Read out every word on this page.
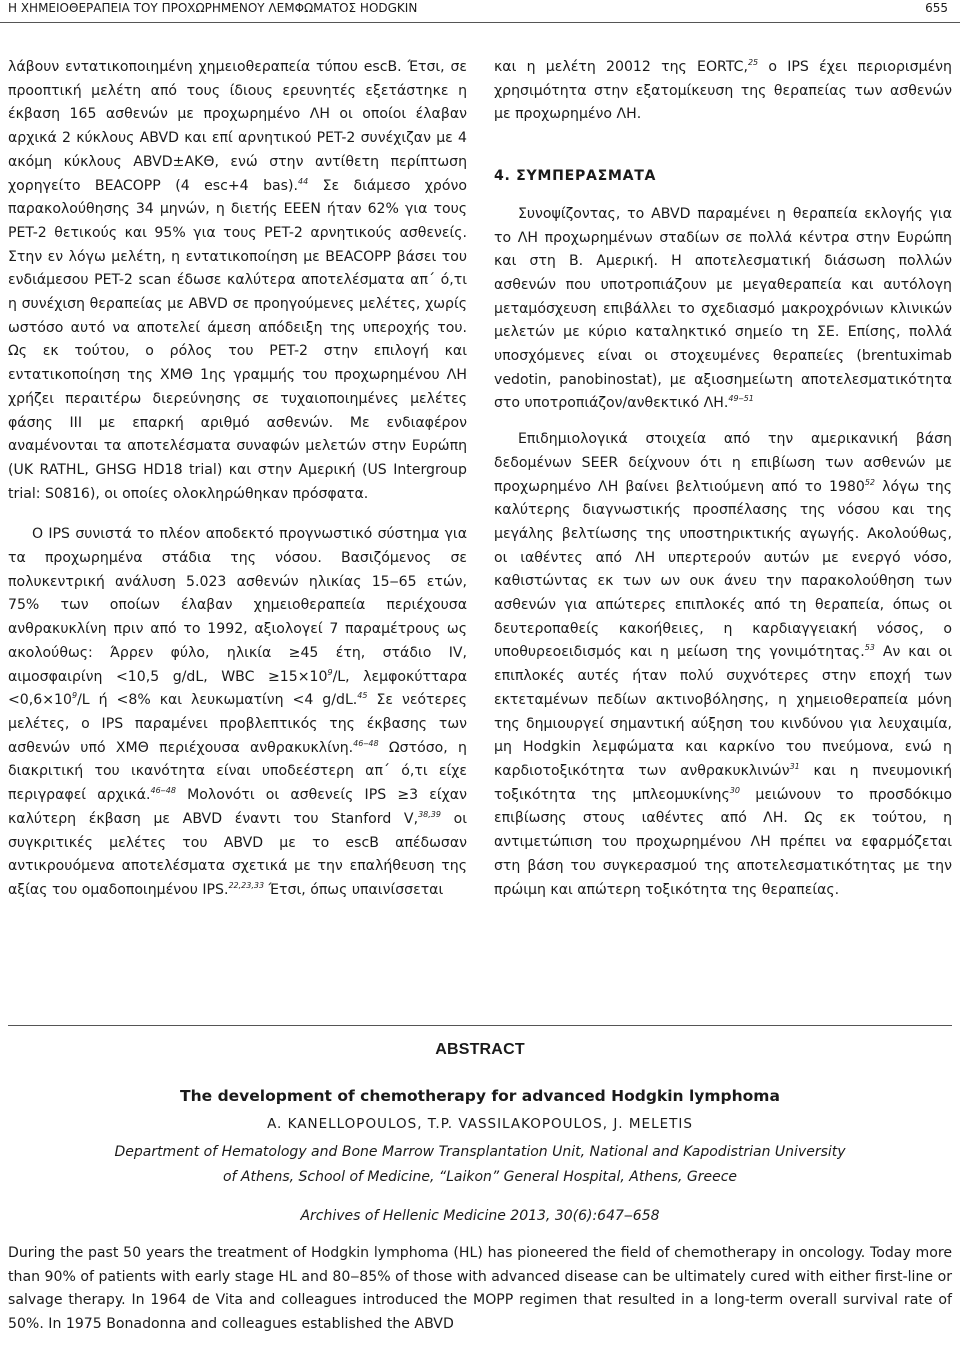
Η ΧΗΜΕΙΟΘΕΡΑΠΕΙΑ ΤΟΥ ΠΡΟΧΩΡΗΜΕΝΟΥ ΛΕΜΦΩΜΑΤΟΣ HODGKIN	655

λάβουν εντατικοποιημένη χημειοθεραπεία τύπου escB. Έτσι, σε προοπτική μελέτη από τους ίδιους ερευνητές εξετάστηκε η έκβαση 165 ασθενών με προχωρημένο ΛΗ οι οποίοι έλαβαν αρχικά 2 κύκλους ABVD και επί αρνητικού PET-2 συνέχιζαν με 4 ακόμη κύκλους ABVD±ΑΚΘ, ενώ στην αντίθετη περίπτωση χορηγείτο BEACOPP (4 esc+4 bas).$^{44}$ Σε διάμεσο χρόνο παρακολούθησης 34 μηνών, η διετής ΕΕΕΝ ήταν 62% για τους PET-2 θετικούς και 95% για τους PET-2 αρνητικούς ασθενείς. Στην εν λόγω μελέτη, η εντατικοποίηση με BEACOPP βάσει του ενδιάμεσου PET-2 scan έδωσε καλύτερα αποτελέσματα απ΄ ό,τι η συνέχιση θεραπείας με ABVD σε προηγούμενες μελέτες, χωρίς ωστόσο αυτό να αποτελεί άμεση απόδειξη της υπεροχής του. Ως εκ τούτου, ο ρόλος του PET-2 στην επιλογή και εντατικοποίηση της ΧΜΘ 1ης γραμμής του προχωρημένου ΛΗ χρήζει περαιτέρω διερεύνησης σε τυχαιοποιημένες μελέτες φάσης III με επαρκή αριθμό ασθενών. Με ενδιαφέρον αναμένονται τα αποτελέσματα συναφών μελετών στην Ευρώπη (UK RATHL, GHSG HD18 trial) και στην Αμερική (US Intergroup trial: S0816), οι οποίες ολοκληρώθηκαν πρόσφατα.

Ο IPS συνιστά το πλέον αποδεκτό προγνωστικό σύστημα για τα προχωρημένα στάδια της νόσου. Βασιζόμενος σε πολυκεντρική ανάλυση 5.023 ασθενών ηλικίας 15‒65 ετών, 75% των οποίων έλαβαν χημειοθεραπεία περιέχουσα ανθρακυκλίνη πριν από το 1992, αξιολογεί 7 παραμέτρους ως ακολούθως: Άρρεν φύλο, ηλικία ≥45 έτη, στάδιο IV, αιμοσφαιρίνη <10,5 g/dL, WBC $\ge 15\times 10^9/L$, $\lambda\varepsilon\mu\varphi o\kappa ύ\tau\tau\alpha\rho\alpha <0,6\times 10^9/L$ ή <8% και λευκωματίνη <4 g/dL.$^{45}$ Σε νεότερες μελέτες, ο IPS παραμένει προβλεπτικός της έκβασης των ασθενών υπό ΧΜΘ περιέχουσα ανθρακυκλίνη.$^{46‒48}$ Ωστόσο, η διακριτική του ικανότητα είναι υποδεέστερη απ΄ ό,τι είχε περιγραφεί αρχικά.$^{46‒48}$ Μολονότι οι ασθενείς IPS ≥3 είχαν καλύτερη έκβαση με ABVD έναντι του Stanford V,$^{38,39}$ οι συγκριτικές μελέτες του ABVD με το escB απέδωσαν αντικρουόμενα αποτελέσματα σχετικά με την επαλήθευση της αξίας του ομαδοποιημένου IPS.$^{22,23,33}$ Έτσι, όπως υπαινίσσεται

και η μελέτη 20012 της EORTC,$^{25}$ ο IPS έχει περιορισμένη χρησιμότητα στην εξατομίκευση της θεραπείας των ασθενών με προχωρημένο ΛΗ.

4. ΣΥΜΠΕΡΑΣΜΑΤΑ

Συνοψίζοντας, το ABVD παραμένει η θεραπεία εκλογής για το ΛΗ προχωρημένων σταδίων σε πολλά κέντρα στην Ευρώπη και στη Β. Αμερική. Η αποτελεσματική διάσωση πολλών ασθενών που υποτροπιάζουν με μεγαθεραπεία και αυτόλογη μεταμόσχευση επιβάλλει το σχεδιασμό μακροχρόνιων κλινικών μελετών με κύριο καταληκτικό σημείο τη ΣΕ. Επίσης, πολλά υποσχόμενες είναι οι στοχευμένες θεραπείες (brentuximab vedotin, panobinostat), με αξιοσημείωτη αποτελεσματικότητα στο υποτροπιάζον/ανθεκτικό ΛΗ.$^{49‒51}$

Επιδημιολογικά στοιχεία από την αμερικανική βάση δεδομένων SEER δείχνουν ότι η επιβίωση των ασθενών με προχωρημένο ΛΗ βαίνει βελτιούμενη από το 1980$^{52}$ λόγω της καλύτερης διαγνωστικής προσπέλασης της νόσου και της μεγάλης βελτίωσης της υποστηρικτικής αγωγής. Ακολούθως, οι ιαθέντες από ΛΗ υπερτερούν αυτών με ενεργό νόσο, καθιστώντας εκ των ων ουκ άνευ την παρακολούθηση των ασθενών για απώτερες επιπλοκές από τη θεραπεία, όπως οι δευτεροπαθείς κακοήθειες, η καρδιαγγειακή νόσος, ο υποθυρεοειδισμός και η μείωση της γονιμότητας.$^{53}$ Αν και οι επιπλοκές αυτές ήταν πολύ συχνότερες στην εποχή των εκτεταμένων πεδίων ακτινοβόλησης, η χημειοθεραπεία μόνη της δημιουργεί σημαντική αύξηση του κινδύνου για λευχαιμία, μη Hodgkin λεμφώματα και καρκίνο του πνεύμονα, ενώ η καρδιοτοξικότητα των ανθρακυκλινών$^{31}$ και η πνευμονική τοξικότητα της μπλεομυκίνης$^{30}$ μειώνουν το προσδόκιμο επιβίωσης στους ιαθέντες από ΛΗ. Ως εκ τούτου, η αντιμετώπιση του προχωρημένου ΛΗ πρέπει να εφαρμόζεται στη βάση του συγκερασμού της αποτελεσματικότητας με την πρώιμη και απώτερη τοξικότητα της θεραπείας.

ABSTRACT
The development of chemotherapy for advanced Hodgkin lymphoma
A. KANELLOPOULOS, T.P. VASSILAKOPOULOS, J. MELETIS
Department of Hematology and Bone Marrow Transplantation Unit, National and Kapodistrian University
of Athens, School of Medicine, “Laikon” General Hospital, Athens, Greece
Archives of Hellenic Medicine 2013, 30(6):647‒658
During the past 50 years the treatment of Hodgkin lymphoma (HL) has pioneered the field of chemotherapy in oncology. Today more than 90% of patients with early stage HL and 80‒85% of those with advanced disease can be ultimately cured with either first-line or salvage therapy. In 1964 de Vita and colleagues introduced the MOPP regimen that resulted in a long-term overall survival rate of 50%. In 1975 Bonadonna and colleagues established the ABVD
